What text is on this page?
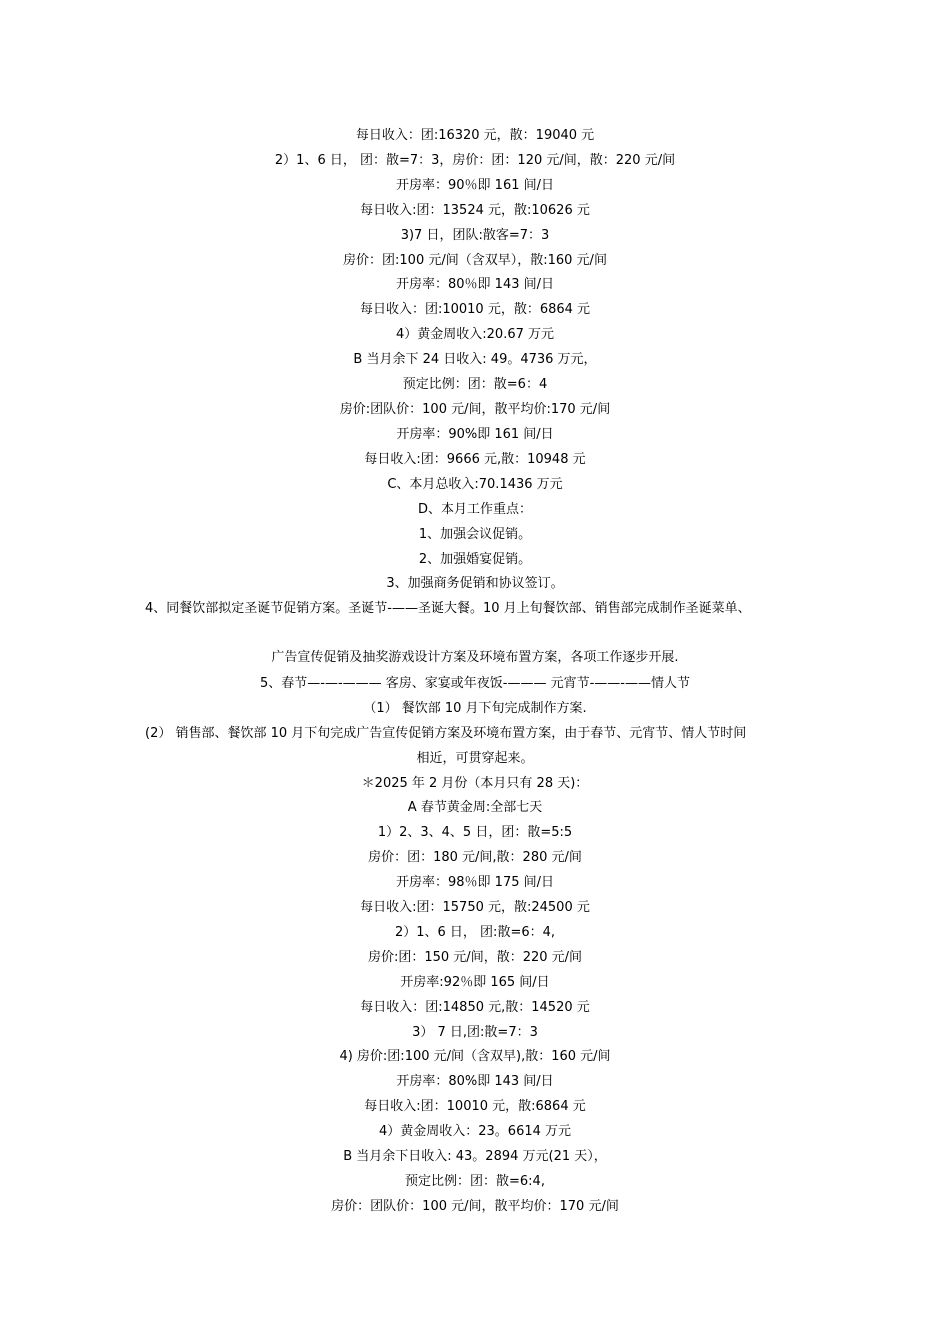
每日收入：团:16320 元，散：19040 元
2）1、6 日， 团：散=7：3，房价：团：120 元/间，散：220 元/间
开房率：90％即 161 间/日
每日收入:团：13524 元，散:10626 元
3)7 日，团队:散客=7：3
房价：团:100 元/间（含双早），散:160 元/间
开房率：80％即 143 间/日
每日收入：团:10010 元，散：6864 元
4）黄金周收入:20.67 万元
B 当月余下 24 日收入: 49。4736 万元，
预定比例：团：散=6：4
房价:团队价：100 元/间，散平均价:170 元/间
开房率：90%即 161 间/日
每日收入:团：9666 元,散：10948 元
C、本月总收入:70.1436 万元
D、本月工作重点：
1、加强会议促销。
2、加强婚宴促销。
3、加强商务促销和协议签订。
4、同餐饮部拟定圣诞节促销方案。圣诞节-——圣诞大餐。10 月上旬餐饮部、销售部完成制作圣诞菜单、
广告宣传促销及抽奖游戏设计方案及环境布置方案，各项工作逐步开展.
5、春节—-—-——— 客房、家宴或年夜饭-——— 元宵节-——-——情人节
（1） 餐饮部 10 月下旬完成制作方案.
(2） 销售部、餐饮部 10 月下旬完成广告宣传促销方案及环境布置方案，由于春节、元宵节、情人节时间
相近，可贯穿起来。
＊2025 年 2 月份（本月只有 28 天)：
A 春节黄金周:全部七天
1）2、3、4、5 日，团：散=5:5
房价：团：180 元/间,散：280 元/间
开房率：98％即 175 间/日
每日收入:团：15750 元，散:24500 元
2）1、6 日， 团:散=6：4,
房价:团：150 元/间，散：220 元/间
开房率:92％即 165 间/日
每日收入：团:14850 元,散：14520 元
3） 7 日,团:散=7：3
4) 房价:团:100 元/间（含双早),散：160 元/间
开房率：80%即 143 间/日
每日收入:团：10010 元，散:6864 元
4）黄金周收入：23。6614 万元
B 当月余下日收入: 43。2894 万元(21 天），
预定比例：团：散=6:4,
房价：团队价：100 元/间，散平均价：170 元/间
